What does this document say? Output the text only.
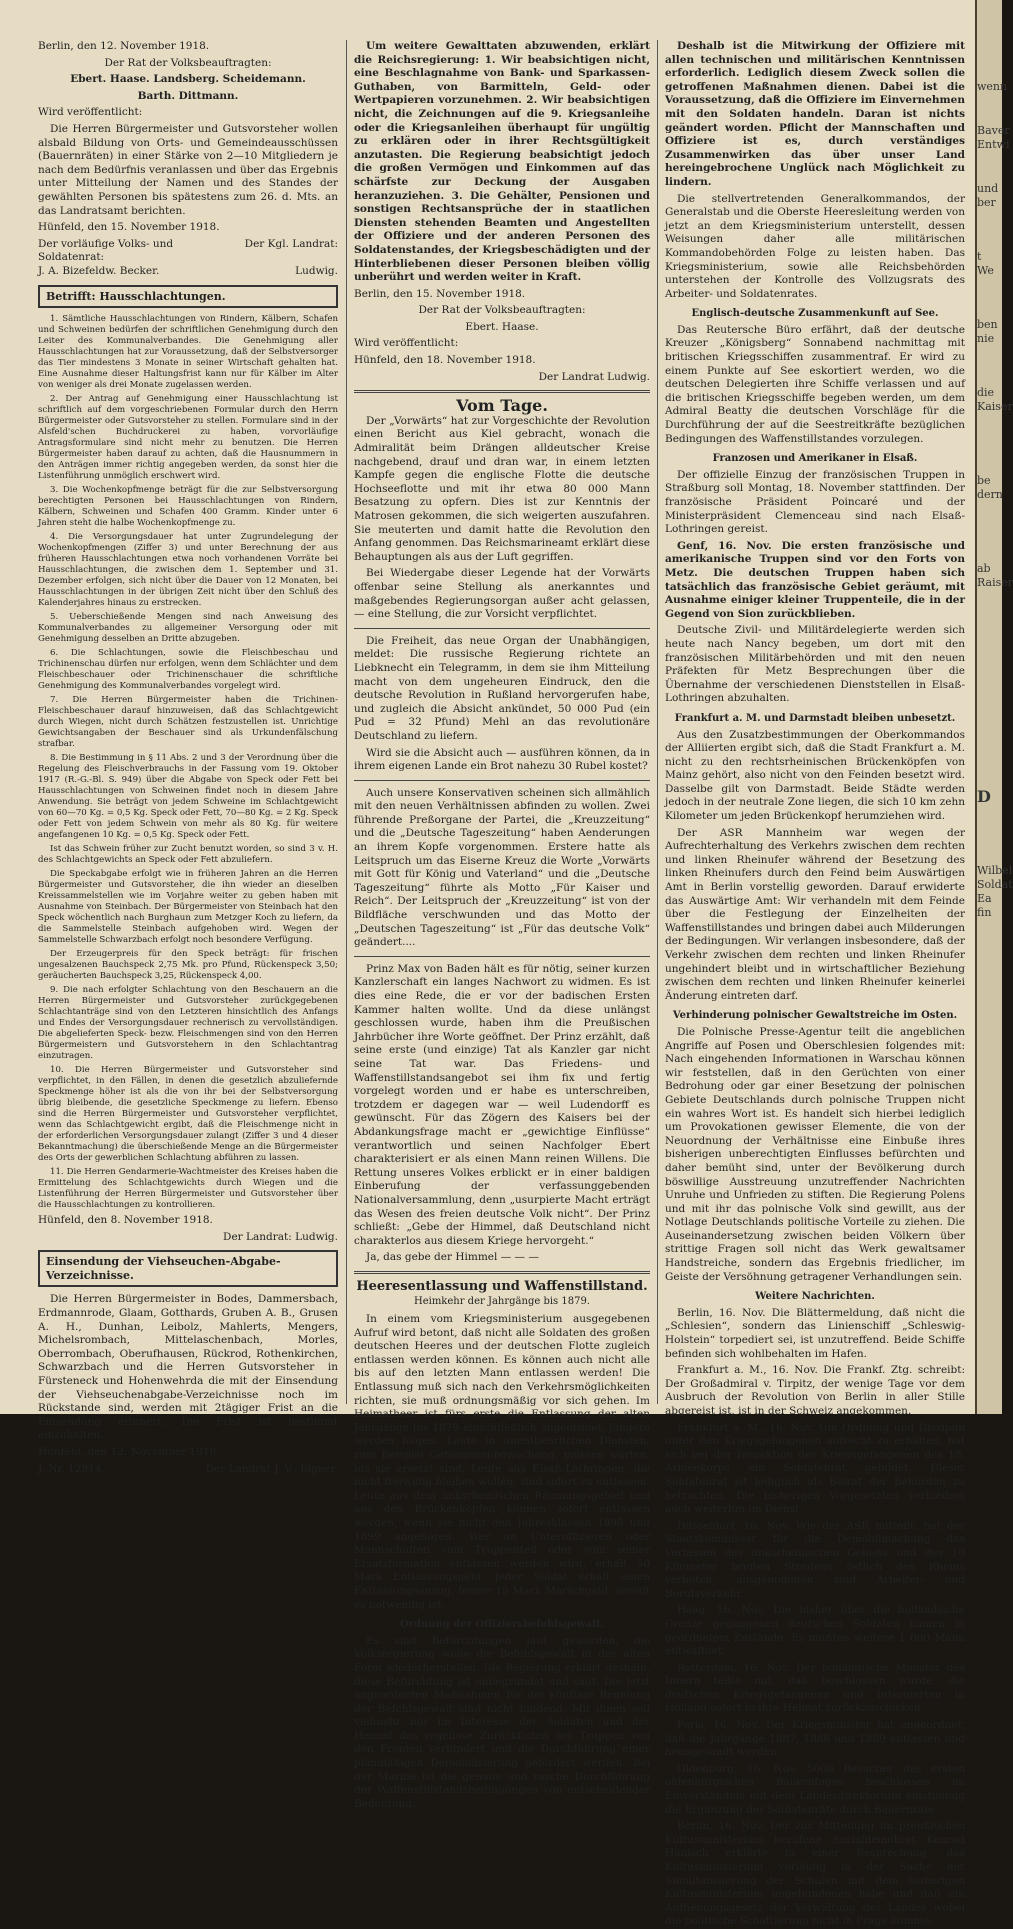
Berlin, den 12. November 1918.

Der Rat der Volksbeauftragten:

Ebert. Haase. Landsberg. Scheidemann.

Barth. Dittmann.

Wird veröffentlicht:

Die Herren Bürgermeister und Gutsvorsteher wollen alsbald Bildung von Orts- und Gemeindeausschüssen (Bauernräten) in einer Stärke von 2—10 Mitgliedern je nach dem Bedürfnis veranlassen und über das Ergebnis unter Mitteilung der Namen und des Standes der gewählten Personen bis spätestens zum 26. d. Mts. an das Landratsamt berichten.

Hünfeld, den 15. November 1918.

Der vorläufige Volks- und Soldatenrat:
Der Kgl. Landrat:
J. A. Bizefeldw. Becker.	Ludwig.
Betrifft: Hausschlachtungen.

1. Sämtliche Hausschlachtungen von Rindern, Kälbern, Schafen und Schweinen bedürfen der schriftlichen Genehmigung durch den Leiter des Kommunalverbandes. Die Genehmigung aller Hausschlachtungen hat zur Voraussetzung, daß der Selbstversorger das Tier mindestens 3 Monate in seiner Wirtschaft gehalten hat. Eine Ausnahme dieser Haltungsfrist kann nur für Kälber im Alter von weniger als drei Monate zugelassen werden.

2. Der Antrag auf Genehmigung einer Hausschlachtung ist schriftlich auf dem vorgeschriebenen Formular durch den Herrn Bürgermeister oder Gutsvorsteher zu stellen. Formulare sind in der Alsfeld'schen Buchdruckerei zu haben, vorvorläufige Antragsformulare sind nicht mehr zu benutzen. Die Herren Bürgermeister haben darauf zu achten, daß die Hausnummern in den Anträgen immer richtig angegeben werden, da sonst hier die Listenführung unmöglich erschwert wird.

3. Die Wochenkopfmenge beträgt für die zur Selbstversorgung berechtigten Personen bei Hausschlachtungen von Rindern, Kälbern, Schweinen und Schafen 400 Gramm. Kinder unter 6 Jahren steht die halbe Wochenkopfmenge zu.

4. Die Versorgungsdauer hat unter Zugrundelegung der Wochenkopfmengen (Ziffer 3) und unter Berechnung der aus früheren Hausschlachtungen etwa noch vorhandenen Vorräte bei Hausschlachtungen, die zwischen dem 1. September und 31. Dezember erfolgen, sich nicht über die Dauer von 12 Monaten, bei Hausschlachtungen in der übrigen Zeit nicht über den Schluß des Kalenderjahres hinaus zu erstrecken.

5. Ueberschießende Mengen sind nach Anweisung des Kommunalverbandes zu allgemeiner Versorgung oder mit Genehmigung desselben an Dritte abzugeben.

6. Die Schlachtungen, sowie die Fleischbeschau und Trichinenschau dürfen nur erfolgen, wenn dem Schlächter und dem Fleischbeschauer oder Trichinenschauer die schriftliche Genehmigung des Kommunalverbandes vorgelegt wird.

7. Die Herren Bürgermeister haben die Trichinen-Fleischbeschauer darauf hinzuweisen, daß das Schlachtgewicht durch Wiegen, nicht durch Schätzen festzustellen ist. Unrichtige Gewichtsangaben der Beschauer sind als Urkundenfälschung strafbar.

8. Die Bestimmung in § 11 Abs. 2 und 3 der Verordnung über die Regelung des Fleischverbrauchs in der Fassung vom 19. Oktober 1917 (R.-G.-Bl. S. 949) über die Abgabe von Speck oder Fett bei Hausschlachtungen von Schweinen findet noch in diesem Jahre Anwendung. Sie beträgt von jedem Schweine im Schlachtgewicht von 60—70 Kg. = 0,5 Kg. Speck oder Fett, 70—80 Kg. = 2 Kg. Speck oder Fett von jedem Schwein von mehr als 80 Kg. für weitere angefangenen 10 Kg. = 0,5 Kg. Speck oder Fett.

Ist das Schwein früher zur Zucht benutzt worden, so sind 3 v. H. des Schlachtgewichts an Speck oder Fett abzuliefern.

Die Speckabgabe erfolgt wie in früheren Jahren an die Herren Bürgermeister und Gutsvorsteher, die ihn wieder an dieselben Kreissammelstellen wie im Vorjahre weiter zu geben haben mit Ausnahme von Steinbach. Der Bürgermeister von Steinbach hat den Speck wöchentlich nach Burghaun zum Metzger Koch zu liefern, da die Sammelstelle Steinbach aufgehoben wird. Wegen der Sammelstelle Schwarzbach erfolgt noch besondere Verfügung.

Der Erzeugerpreis für den Speck beträgt: für frischen ungesalzenen Bauchspeck 2,75 Mk. pro Pfund, Rückenspeck 3,50; geräucherten Bauchspeck 3,25, Rückenspeck 4,00.

9. Die nach erfolgter Schlachtung von den Beschauern an die Herren Bürgermeister und Gutsvorsteher zurückgegebenen Schlachtanträge sind von den Letzteren hinsichtlich des Anfangs und Endes der Versorgungsdauer rechnerisch zu vervollständigen. Die abgelieferten Speck- bezw. Fleischmengen sind von den Herren Bürgermeistern und Gutsvorstehern in den Schlachtantrag einzutragen.

10. Die Herren Bürgermeister und Gutsvorsteher sind verpflichtet, in den Fällen, in denen die gesetzlich abzuliefernde Speckmenge höher ist als die von ihr bei der Selbstversorgung übrig bleibende, die gesetzliche Speckmenge zu liefern. Ebenso sind die Herren Bürgermeister und Gutsvorsteher verpflichtet, wenn das Schlachtgewicht ergibt, daß die Fleischmenge nicht in der erforderlichen Versorgungsdauer zulangt (Ziffer 3 und 4 dieser Bekanntmachung) die überschießende Menge an die Bürgermeister des Orts der gewerblichen Schlachtung abführen zu lassen.

11. Die Herren Gendarmerie-Wachtmeister des Kreises haben die Ermittelung des Schlachtgewichts durch Wiegen und die Listenführung der Herren Bürgermeister und Gutsvorsteher über die Hausschlachtungen zu kontrollieren.

Hünfeld, den 8. November 1918.

Der Landrat: Ludwig.

Einsendung der Viehseuchen-Abgabe-Verzeichnisse.

Die Herren Bürgermeister in Bodes, Dammersbach, Erdmannrode, Glaam, Gotthards, Gruben A. B., Grusen A. H., Dunhan, Leibolz, Mahlerts, Mengers, Michelsrombach, Mittelaschenbach, Morles, Oberrombach, Oberufhausen, Rückrod, Rothenkirchen, Schwarzbach und die Herren Gutsvorsteher in Fürsteneck und Hohenwehrda die mit der Einsendung der Viehseuchenabgabe-Verzeichnisse noch im Rückstande sind, werden mit 2tägiger Frist an die Einsendung erinnert. Die Frist ist bestimmt einzuhalten.

Hünfeld, den 12. November 1918.

J.-Nr. 12914.	Der Landrat J. V.: Illgner.

Um weitere Gewalttaten abzuwenden, erklärt die Reichsregierung: 1. Wir beabsichtigen nicht, eine Beschlagnahme von Bank- und Sparkassen-Guthaben, von Barmitteln, Geld- oder Wertpapieren vorzunehmen. 2. Wir beabsichtigen nicht, die Zeichnungen auf die 9. Kriegsanleihe oder die Kriegsanleihen überhaupt für ungültig zu erklären oder in ihrer Rechtsgültigkeit anzutasten. Die Regierung beabsichtigt jedoch die großen Vermögen und Einkommen auf das schärfste zur Deckung der Ausgaben heranzuziehen. 3. Die Gehälter, Pensionen und sonstigen Rechtsansprüche der in staatlichen Diensten stehenden Beamten und Angestellten der Offiziere und der anderen Personen des Soldatenstandes, der Kriegsbeschädigten und der Hinterbliebenen dieser Personen bleiben völlig unberührt und werden weiter in Kraft.

Berlin, den 15. November 1918.

Der Rat der Volksbeauftragten:

Ebert. Haase.

Wird veröffentlicht:

Hünfeld, den 18. November 1918.

Der Landrat Ludwig.

Vom Tage.

Der „Vorwärts“ hat zur Vorgeschichte der Revolution einen Bericht aus Kiel gebracht, wonach die Admiralität beim Drängen alldeutscher Kreise nachgebend, drauf und dran war, in einem letzten Kampfe gegen die englische Flotte die deutsche Hochseeflotte und mit ihr etwa 80 000 Mann Besatzung zu opfern. Dies ist zur Kenntnis der Matrosen gekommen, die sich weigerten auszufahren. Sie meuterten und damit hatte die Revolution den Anfang genommen. Das Reichsmarineamt erklärt diese Behauptungen als aus der Luft gegriffen.

Bei Wiedergabe dieser Legende hat der Vorwärts offenbar seine Stellung als anerkanntes und maßgebendes Regierungsorgan außer acht gelassen, — eine Stellung, die zur Vorsicht verpflichtet.

Die Freiheit, das neue Organ der Unabhängigen, meldet: Die russische Regierung richtete an Liebknecht ein Telegramm, in dem sie ihm Mitteilung macht von dem ungeheuren Eindruck, den die deutsche Revolution in Rußland hervorgerufen habe, und zugleich die Absicht ankündet, 50 000 Pud (ein Pud = 32 Pfund) Mehl an das revolutionäre Deutschland zu liefern.

Wird sie die Absicht auch — ausführen können, da in ihrem eigenen Lande ein Brot nahezu 30 Rubel kostet?

Auch unsere Konservativen scheinen sich allmählich mit den neuen Verhältnissen abfinden zu wollen. Zwei führende Preßorgane der Partei, die „Kreuzzeitung“ und die „Deutsche Tageszeitung“ haben Aenderungen an ihrem Kopfe vorgenommen. Erstere hatte als Leitspruch um das Eiserne Kreuz die Worte „Vorwärts mit Gott für König und Vaterland“ und die „Deutsche Tageszeitung“ führte als Motto „Für Kaiser und Reich“. Der Leitspruch der „Kreuzzeitung“ ist von der Bildfläche verschwunden und das Motto der „Deutschen Tageszeitung“ ist „Für das deutsche Volk“ geändert....

Prinz Max von Baden hält es für nötig, seiner kurzen Kanzlerschaft ein langes Nachwort zu widmen. Es ist dies eine Rede, die er vor der badischen Ersten Kammer halten wollte. Und da diese unlängst geschlossen wurde, haben ihm die Preußischen Jahrbücher ihre Worte geöffnet. Der Prinz erzählt, daß seine erste (und einzige) Tat als Kanzler gar nicht seine Tat war. Das Friedens- und Waffenstillstandsangebot sei ihm fix und fertig vorgelegt worden und er habe es unterschreiben, trotzdem er dagegen war — weil Ludendorff es gewünscht. Für das Zögern des Kaisers bei der Abdankungsfrage macht er „gewichtige Einflüsse“ verantwortlich und seinen Nachfolger Ebert charakterisiert er als einen Mann reinen Willens. Die Rettung unseres Volkes erblickt er in einer baldigen Einberufung der verfassunggebenden Nationalversammlung, denn „usurpierte Macht erträgt das Wesen des freien deutsche Volk nicht“. Der Prinz schließt: „Gebe der Himmel, daß Deutschland nicht charakterlos aus diesem Kriege hervorgeht.“

Ja, das gebe der Himmel — — —

Heeresentlassung und Waffenstillstand.
Heimkehr der Jahrgänge bis 1879.

In einem vom Kriegsministerium ausgegebenen Aufruf wird betont, daß nicht alle Soldaten des großen deutschen Heeres und der deutschen Flotte zugleich entlassen werden können. Es können auch nicht alle bis auf den letzten Mann entlassen werden! Die Entlassung muß sich nach den Verkehrsmöglichkeiten richten, sie muß ordnungsmäßig vor sich gehen. Im Heimatheer ist fürs erste die Entlassung der alten Jahrgänge bis 1879 einschließlich angeordnet, jüngere werden folgen. Leute in unentbehrlichen Diensten, zum Beispiel Gefangenenbewachung, müssen warten, bis sie ersetzt sind. Leute aus Elsaß-Lothringen, die nicht freiwillig bleiben wollen, sind sofort zu entlassen. Leute aus dem linksrheinischen Räumungsgebiet und aus den Brückenköpfen können sofort entlassen werden, wenn sie nicht den Jahresklassen 1898 und 1899 angehören. Wer an Unteroffizieren oder Mannschaften vom Truppenteil oder vom seiner Ersatzformation entlassen werden wird, erhält 50 Mark Entlassungsgeld. Jeder Soldat erhält einen Entlassungsanzug, ferner 15 Mark Marschgeld, soweit es notwendig ist.

Ordnung der Offiziersbefehlsgewalt.

Es sind Befürchtungen laut geworden, die Volksregierung wolle die Befehlsgewalt in der alten Form wiederherstellen. Die Regierung erklärt deshalb, diese Befürchtung ist unbegründet und sagt: Die jetzt angeordneten Maßnahmen für die künftige Regelung der Befehlsgewalt sind nicht bindend. Mit ihnen soll vielmehr nur im Interesse der Soldaten und der Heimat das regellose Zurückfluten der Truppen von den Fronten verhindert und die Durchführung einer planmäßigen Demobilisierung gefördert werden. Bei der Marine ist die genaue und rasche Durchführung der Waffenstillstandsbedingungen von entscheidender Bedeutung.

Deshalb ist die Mitwirkung der Offiziere mit allen technischen und militärischen Kenntnissen erforderlich. Lediglich diesem Zweck sollen die getroffenen Maßnahmen dienen. Dabei ist die Voraussetzung, daß die Offiziere im Einvernehmen mit den Soldaten handeln. Daran ist nichts geändert worden. Pflicht der Mannschaften und Offiziere ist es, durch verständiges Zusammenwirken das über unser Land hereingebrochene Unglück nach Möglichkeit zu lindern.

Die stellvertretenden Generalkommandos, der Generalstab und die Oberste Heeresleitung werden von jetzt an dem Kriegsministerium unterstellt, dessen Weisungen daher alle militärischen Kommandobehörden Folge zu leisten haben. Das Kriegsministerium, sowie alle Reichsbehörden unterstehen der Kontrolle des Vollzugsrats des Arbeiter- und Soldatenrates.

Englisch-deutsche Zusammenkunft auf See.

Das Reutersche Büro erfährt, daß der deutsche Kreuzer „Königsberg“ Sonnabend nachmittag mit britischen Kriegsschiffen zusammentraf. Er wird zu einem Punkte auf See eskortiert werden, wo die deutschen Delegierten ihre Schiffe verlassen und auf die britischen Kriegsschiffe begeben werden, um dem Admiral Beatty die deutschen Vorschläge für die Durchführung der auf die Seestreitkräfte bezüglichen Bedingungen des Waffenstillstandes vorzulegen.

Franzosen und Amerikaner in Elsaß.

Der offizielle Einzug der französischen Truppen in Straßburg soll Montag, 18. November stattfinden. Der französische Präsident Poincaré und der Ministerpräsident Clemenceau sind nach Elsaß-Lothringen gereist.

Genf, 16. Nov. Die ersten französische und amerikanische Truppen sind vor den Forts von Metz. Die deutschen Truppen haben sich tatsächlich das französische Gebiet geräumt, mit Ausnahme einiger kleiner Truppenteile, die in der Gegend von Sion zurückblieben.

Deutsche Zivil- und Militärdelegierte werden sich heute nach Nancy begeben, um dort mit den französischen Militärbehörden und mit den neuen Präfekten für Metz Besprechungen über die Übernahme der verschiedenen Dienststellen in Elsaß-Lothringen abzuhalten.

Frankfurt a. M. und Darmstadt bleiben unbesetzt.

Aus den Zusatzbestimmungen der Oberkommandos der Alliierten ergibt sich, daß die Stadt Frankfurt a. M. nicht zu den rechtsrheinischen Brückenköpfen von Mainz gehört, also nicht von den Feinden besetzt wird. Dasselbe gilt von Darmstadt. Beide Städte werden jedoch in der neutrale Zone liegen, die sich 10 km zehn Kilometer um jeden Brückenkopf herumziehen wird.

Der ASR Mannheim war wegen der Aufrechterhaltung des Verkehrs zwischen dem rechten und linken Rheinufer während der Besetzung des linken Rheinufers durch den Feind beim Auswärtigen Amt in Berlin vorstellig geworden. Darauf erwiderte das Auswärtige Amt: Wir verhandeln mit dem Feinde über die Festlegung der Einzelheiten der Waffenstillstandes und bringen dabei auch Milderungen der Bedingungen. Wir verlangen insbesondere, daß der Verkehr zwischen dem rechten und linken Rheinufer ungehindert bleibt und in wirtschaftlicher Beziehung zwischen dem rechten und linken Rheinufer keinerlei Änderung eintreten darf.

Verhinderung polnischer Gewaltstreiche im Osten.

Die Polnische Presse-Agentur teilt die angeblichen Angriffe auf Posen und Oberschlesien folgendes mit: Nach eingehenden Informationen in Warschau können wir feststellen, daß in den Gerüchten von einer Bedrohung oder gar einer Besetzung der polnischen Gebiete Deutschlands durch polnische Truppen nicht ein wahres Wort ist. Es handelt sich hierbei lediglich um Provokationen gewisser Elemente, die von der Neuordnung der Verhältnisse eine Einbuße ihres bisherigen unberechtigten Einflusses befürchten und daher bemüht sind, unter der Bevölkerung durch böswillige Ausstreuung unzutreffender Nachrichten Unruhe und Unfrieden zu stiften. Die Regierung Polens und mit ihr das polnische Volk sind gewillt, aus der Notlage Deutschlands politische Vorteile zu ziehen. Die Auseinandersetzung zwischen beiden Völkern über strittige Fragen soll nicht das Werk gewaltsamer Handstreiche, sondern das Ergebnis friedlicher, im Geiste der Versöhnung getragener Verhandlungen sein.

Weitere Nachrichten.

Berlin, 16. Nov. Die Blättermeldung, daß nicht die „Schlesien“, sondern das Linienschiff „Schleswig-Holstein“ torpediert sei, ist unzutreffend. Beide Schiffe befinden sich wohlbehalten im Hafen.

Frankfurt a. M., 16. Nov. Die Frankf. Ztg. schreibt: Der Großadmiral v. Tirpitz, der wenige Tage vor dem Ausbruch der Revolution von Berlin in aller Stille abgereist ist, ist in der Schweiz angekommen.

Frankfurt a. M., 16. Nov. Um Ordnung und Disziplin unter den Kriegsgefangenen aufrecht zu erhalten, hat sich bei der Inspektion der Kriegsgefangenen des 18. Armeekorps ein Soldatenrat gebildet. Dieser Soldatenrat ist lediglich als Beirat der Behörden zu betrachten. Die bisherigen Vorgesetzten verbleiben auch weiterhin im Dienst.

Düsseldorf, 16. Nov. Wie der ASR mitteilt, hat der Staatskommissar für die Demobilmachung das Verlassen des linksrheinischen Gebiets und des 10 Kilometer breiten Streifens östlich des Rheins verboten, ausgenommen sind Arbeiter- und Berufsverkehr.

Haag, 16. Nov. Die bisher über die holländische Grenze gegangenen deutschen Soldaten kamen in geordnetem Zustande. Es mußten weitere 1 000 Mann entwaffnet.

Rotterdam, 16. Nov. Der holländische Minister des Innern teilte mit, daß beschlossen wurde, die deutschen Kriegsgefangenen und Internierten in Holland sofort in ihre Heimat zurückzuschicken.

Paris, 16. Nov. Der Kriegsminister hat angeordnet, daß die Jahrgänge 1887, 1888 und 1889 entlassen und heimgesandt werden.

Oldenburg, 16. Nov. 5000 Besucher des ersten oldenburgischen Bauerntages beschlossen im Einverständnis mit dem Landesdirektorium einstimmig die Ergänzung der Soldatenräte durch Bauernräte.

Berlin, 16. Nov. Der zur Mitteilung im preußischen Kultusministerium berufene Sozialdemokrat Konrad Hänisch erklärte in einer Besprechung, das Kultusministerium vorläufig in der Sache der Simultanisierung der Schulen mit dem bisherigen Kultusministerium ungebundenen habe und daß ein Aufhebungsgesetz der Verwaltung des Landes wobei die politische Schattierung nicht in Frage komme.

wenn
Baver
Entwi
und
ber
t
We
ben
nie
die
Kaiser
be
dern
ab
Raiser
D
Wilbel
Soldat
Ea
fin
